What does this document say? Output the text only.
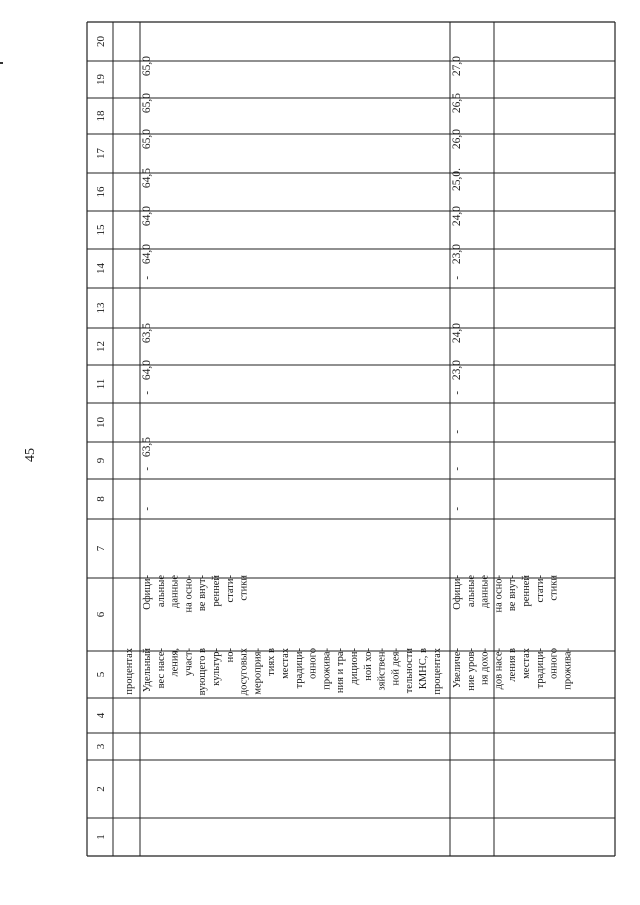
45
1
2
3
4
5
6
7
8
9
10
11
12
13
14
15
16
17
18
19
20
процентах Удельный вес насе- ления, участ- вующего в культур- но- досуговых мероприя- тиях в местах традици- онного прожива- ния и тра- дицион- ной хо- зяйствен- ной дея- тельности КМНС, в процентах
Офици- альные данные на осно- ве внут- ренней стати- стики
-
-
63,5
-
64,0
63,5
-
64,0
64,0
64,5
65,0
65,0
65,0
Увеличе- ние уров- ня дохо- дов насе- ления в местах традици- онного прожива-
Офици- альные данные на осно- ве внут- ренней стати- стики
-
-
-
-
23,0
24,0
-
23,0
24,0
25,0.
26,0
26,5
27,0
